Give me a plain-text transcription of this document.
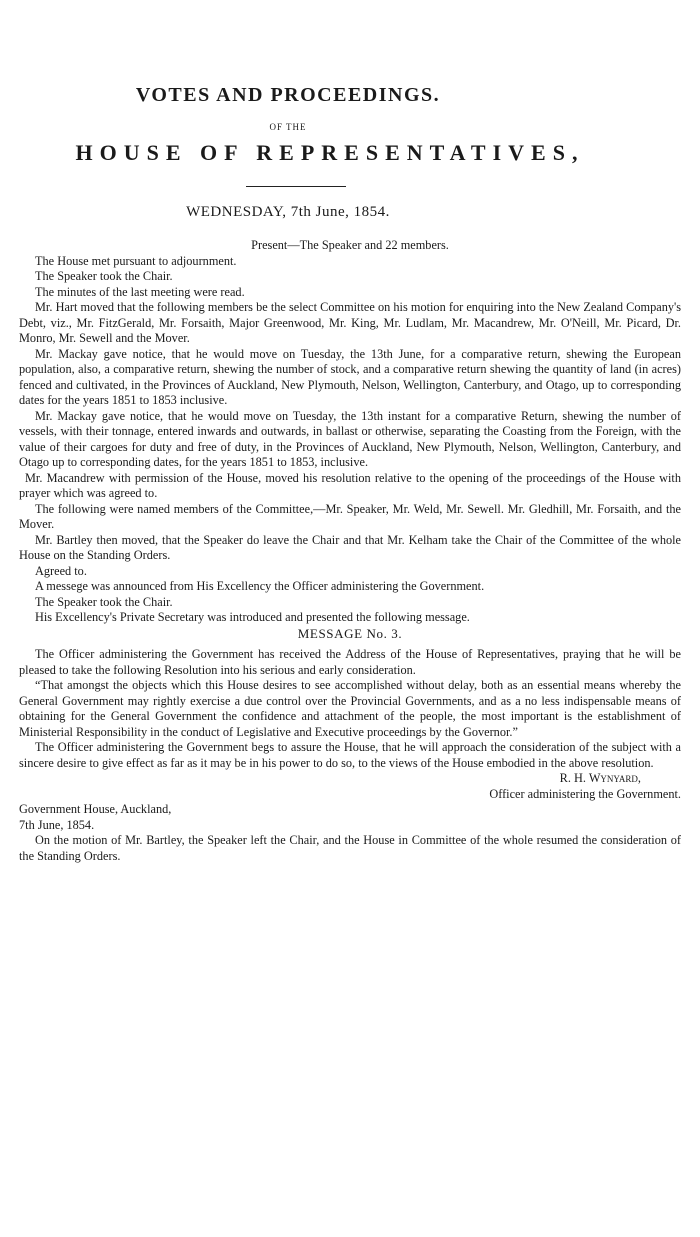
VOTES AND PROCEEDINGS.
OF THE
HOUSE OF REPRESENTATIVES,
WEDNESDAY, 7th June, 1854.

Present—The Speaker and 22 members.

The House met pursuant to adjournment.

The Speaker took the Chair.

The minutes of the last meeting were read.

Mr. Hart moved that the following members be the select Committee on his motion for enquiring into the New Zealand Company's Debt, viz., Mr. FitzGerald, Mr. Forsaith, Major Greenwood, Mr. King, Mr. Ludlam, Mr. Macandrew, Mr. O'Neill, Mr. Picard, Dr. Monro, Mr. Sewell and the Mover.

Mr. Mackay gave notice, that he would move on Tuesday, the 13th June, for a comparative return, shewing the European population, also, a comparative return, shewing the number of stock, and a comparative return shewing the quantity of land (in acres) fenced and cultivated, in the Provinces of Auckland, New Plymouth, Nelson, Wellington, Canterbury, and Otago, up to corresponding dates for the years 1851 to 1853 inclusive.

Mr. Mackay gave notice, that he would move on Tuesday, the 13th instant for a comparative Return, shewing the number of vessels, with their tonnage, entered inwards and outwards, in ballast or otherwise, separating the Coasting from the Foreign, with the value of their cargoes for duty and free of duty, in the Provinces of Auckland, New Plymouth, Nelson, Wellington, Canterbury, and Otago up to corresponding dates, for the years 1851 to 1853, inclusive.

Mr. Macandrew with permission of the House, moved his resolution relative to the opening of the proceedings of the House with prayer which was agreed to.

The following were named members of the Committee,—Mr. Speaker, Mr. Weld, Mr. Sewell. Mr. Gledhill, Mr. Forsaith, and the Mover.

Mr. Bartley then moved, that the Speaker do leave the Chair and that Mr. Kelham take the Chair of the Committee of the whole House on the Standing Orders.

Agreed to.

A messege was announced from His Excellency the Officer administering the Government.

The Speaker took the Chair.

His Excellency's Private Secretary was introduced and presented the following message.

MESSAGE No. 3.

The Officer administering the Government has received the Address of the House of Representatives, praying that he will be pleased to take the following Resolution into his serious and early consideration.

“That amongst the objects which this House desires to see accomplished without delay, both as an essential means whereby the General Government may rightly exercise a due control over the Provincial Governments, and as a no less indispensable means of obtaining for the General Government the confidence and attachment of the people, the most important is the establishment of Ministerial Responsibility in the conduct of Legislative and Executive proceedings by the Governor.”

The Officer administering the Government begs to assure the House, that he will approach the consideration of the subject with a sincere desire to give effect as far as it may be in his power to do so, to the views of the House embodied in the above resolution.

R. H. Wynyard,

Officer administering the Government.

Government House, Auckland,

7th June, 1854.

On the motion of Mr. Bartley, the Speaker left the Chair, and the House in Committee of the whole resumed the consideration of the Standing Orders.
